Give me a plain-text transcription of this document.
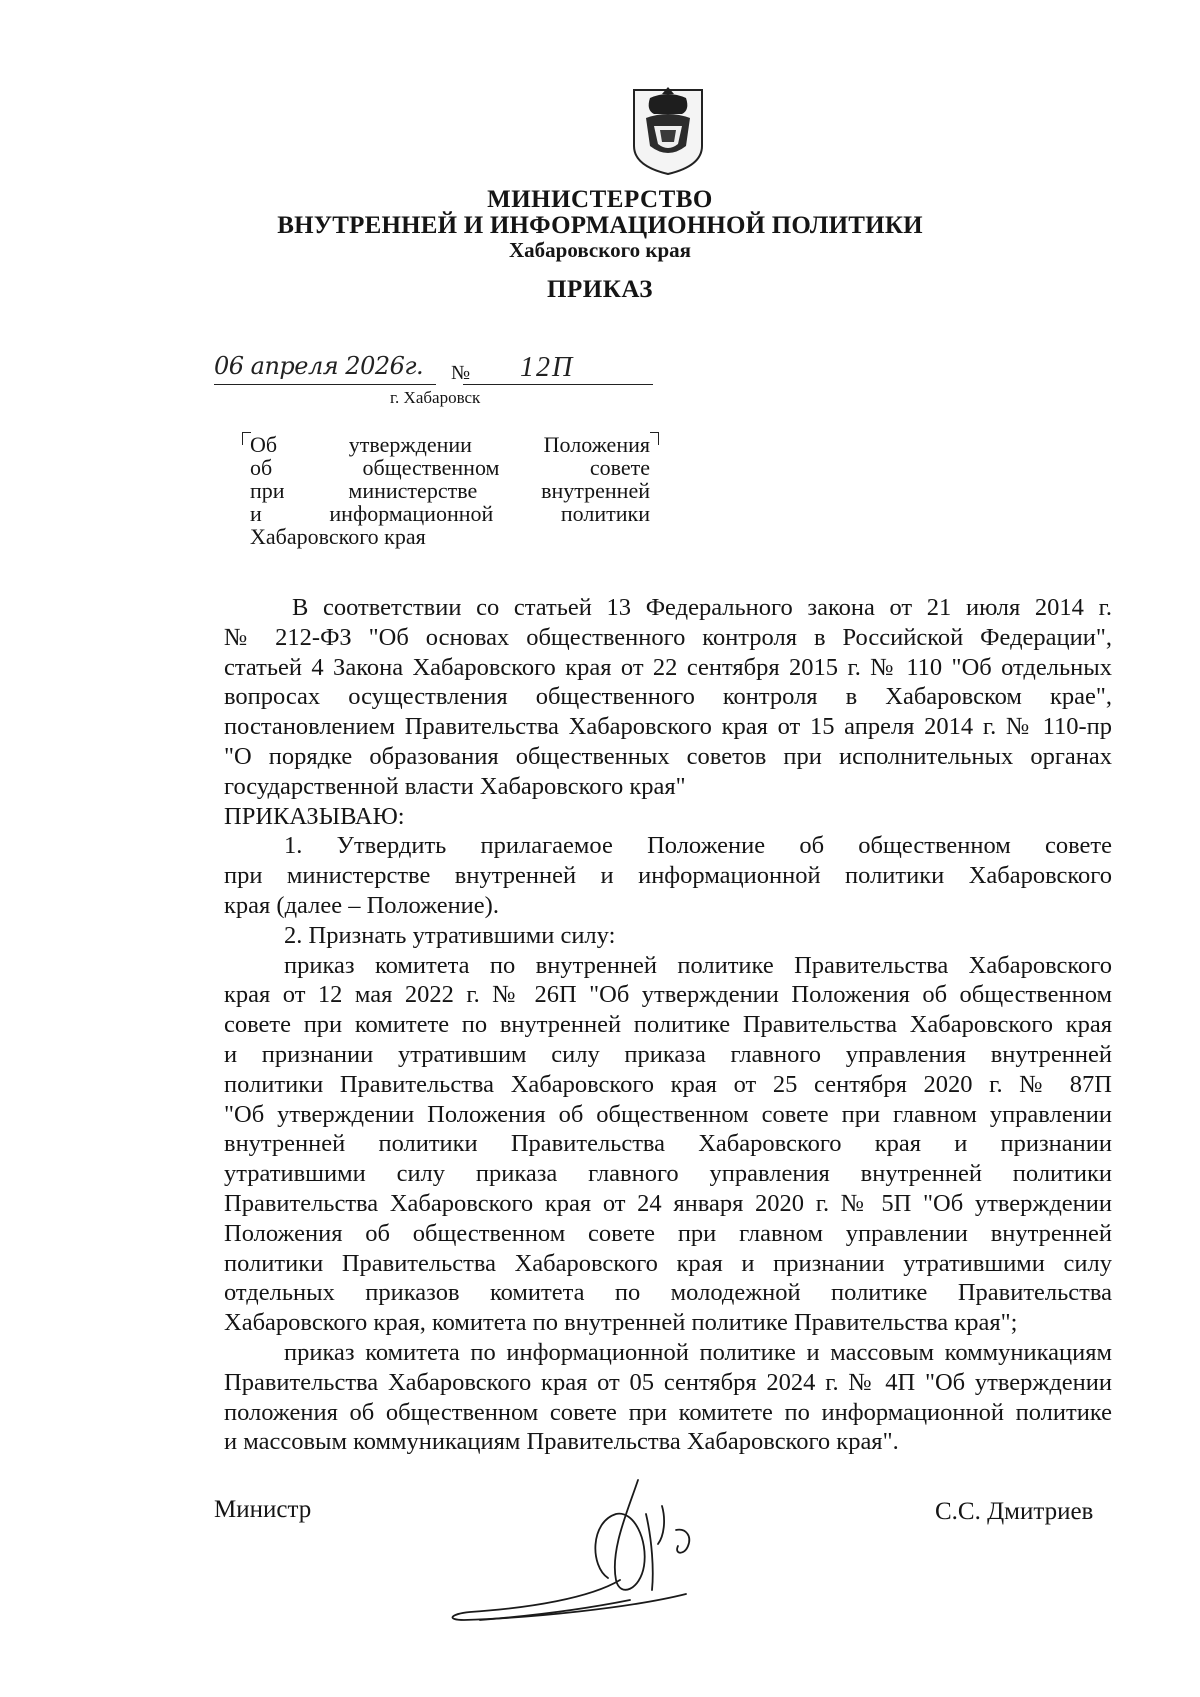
МИНИСТЕРСТВО
ВНУТРЕННЕЙ И ИНФОРМАЦИОННОЙ ПОЛИТИКИ
Хабаровского края
ПРИКАЗ
06 апреля 2026г. № 12П
г. Хабаровск
Об утверждении Положения
об общественном совете
при министерстве внутренней
и информационной политики
Хабаровского края
В соответствии со статьей 13 Федерального закона от 21 июля 2014 г.
№ 212-ФЗ "Об основах общественного контроля в Российской Федерации",
статьей 4 Закона Хабаровского края от 22 сентября 2015 г. № 110 "Об отдельных
вопросах осуществления общественного контроля в Хабаровском крае",
постановлением Правительства Хабаровского края от 15 апреля 2014 г. № 110-пр
"О порядке образования общественных советов при исполнительных органах
государственной власти Хабаровского края"
ПРИКАЗЫВАЮ:
1. Утвердить прилагаемое Положение об общественном совете
при министерстве внутренней и информационной политики Хабаровского
края (далее – Положение).
2. Признать утратившими силу:
приказ комитета по внутренней политике Правительства Хабаровского
края от 12 мая 2022 г. № 26П "Об утверждении Положения об общественном
совете при комитете по внутренней политике Правительства Хабаровского края
и признании утратившим силу приказа главного управления внутренней
политики Правительства Хабаровского края от 25 сентября 2020 г. № 87П
"Об утверждении Положения об общественном совете при главном управлении
внутренней политики Правительства Хабаровского края и признании
утратившими силу приказа главного управления внутренней политики
Правительства Хабаровского края от 24 января 2020 г. № 5П "Об утверждении
Положения об общественном совете при главном управлении внутренней
политики Правительства Хабаровского края и признании утратившими силу
отдельных приказов комитета по молодежной политике Правительства
Хабаровского края, комитета по внутренней политике Правительства края";
приказ комитета по информационной политике и массовым коммуникациям
Правительства Хабаровского края от 05 сентября 2024 г. № 4П "Об утверждении
положения об общественном совете при комитете по информационной политике
и массовым коммуникациям Правительства Хабаровского края".
Министр	С.С. Дмитриев
